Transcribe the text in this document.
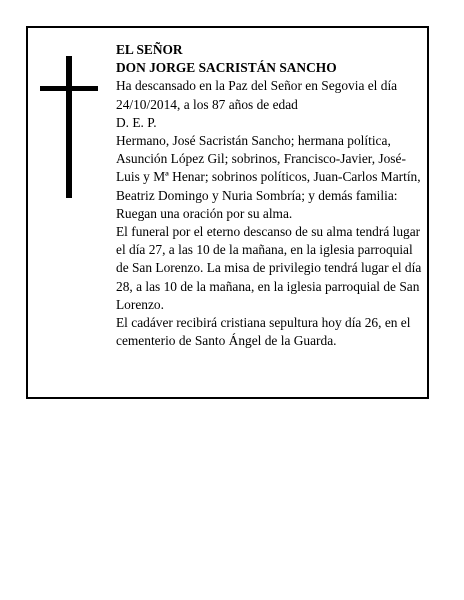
EL SEÑOR

DON JORGE SACRISTÁN SANCHO

Ha descansado en la Paz del Señor en Segovia el día 24/10/2014, a los 87 años de edad

D. E. P.

Hermano, José Sacristán Sancho; hermana política, Asunción López Gil; sobrinos, Francisco-Javier, José-Luis y Mª Henar; sobrinos políticos, Juan-Carlos Martín, Beatriz Domingo y Nuria Sombría; y demás familia:

Ruegan una oración por su alma.

El funeral por el eterno descanso de su alma tendrá lugar el día 27, a las 10 de la mañana, en la iglesia parroquial de San Lorenzo. La misa de privilegio tendrá lugar el día 28, a las 10 de la mañana, en la iglesia parroquial de San Lorenzo.

El cadáver recibirá cristiana sepultura hoy día 26, en el cementerio de Santo Ángel de la Guarda.
